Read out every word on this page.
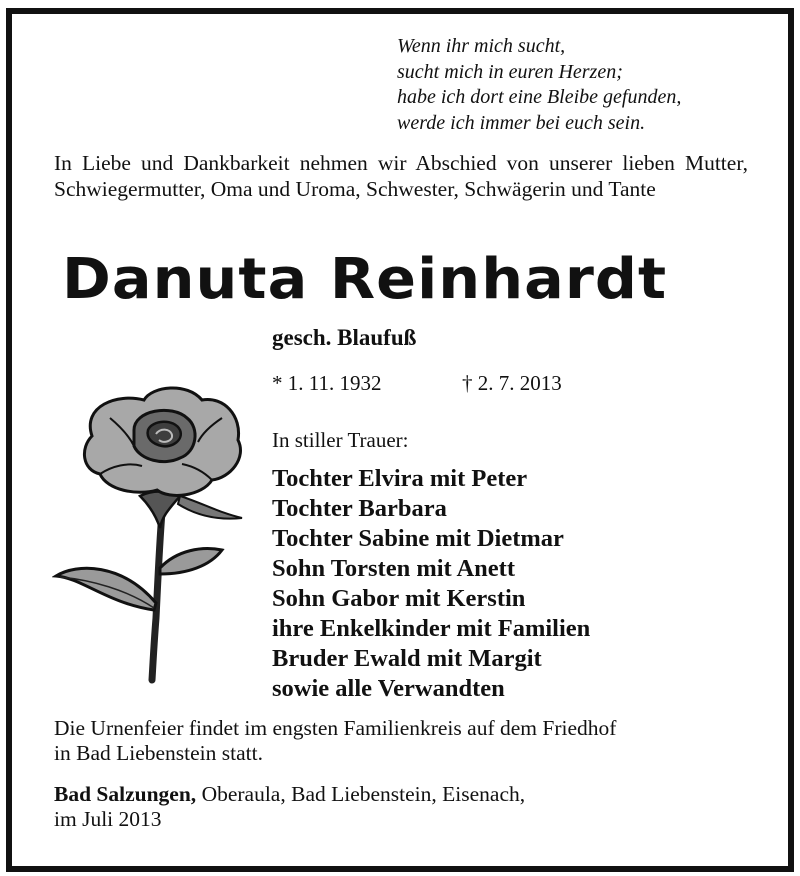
Wenn ihr mich sucht,
sucht mich in euren Herzen;
habe ich dort eine Bleibe gefunden,
werde ich immer bei euch sein.
In Liebe und Dankbarkeit nehmen wir Abschied von unserer lieben Mutter, Schwiegermutter, Oma und Uroma, Schwester, Schwägerin und Tante
Danuta Reinhardt
gesch. Blaufuß
* 1. 11. 1932	† 2. 7. 2013
In stiller Trauer:
Tochter Elvira mit Peter
Tochter Barbara
Tochter Sabine mit Dietmar
Sohn Torsten mit Anett
Sohn Gabor mit Kerstin
ihre Enkelkinder mit Familien
Bruder Ewald mit Margit
sowie alle Verwandten
Die Urnenfeier findet im engsten Familienkreis auf dem Friedhof
in Bad Liebenstein statt.
Bad Salzungen, Oberaula, Bad Liebenstein, Eisenach,
im Juli 2013
